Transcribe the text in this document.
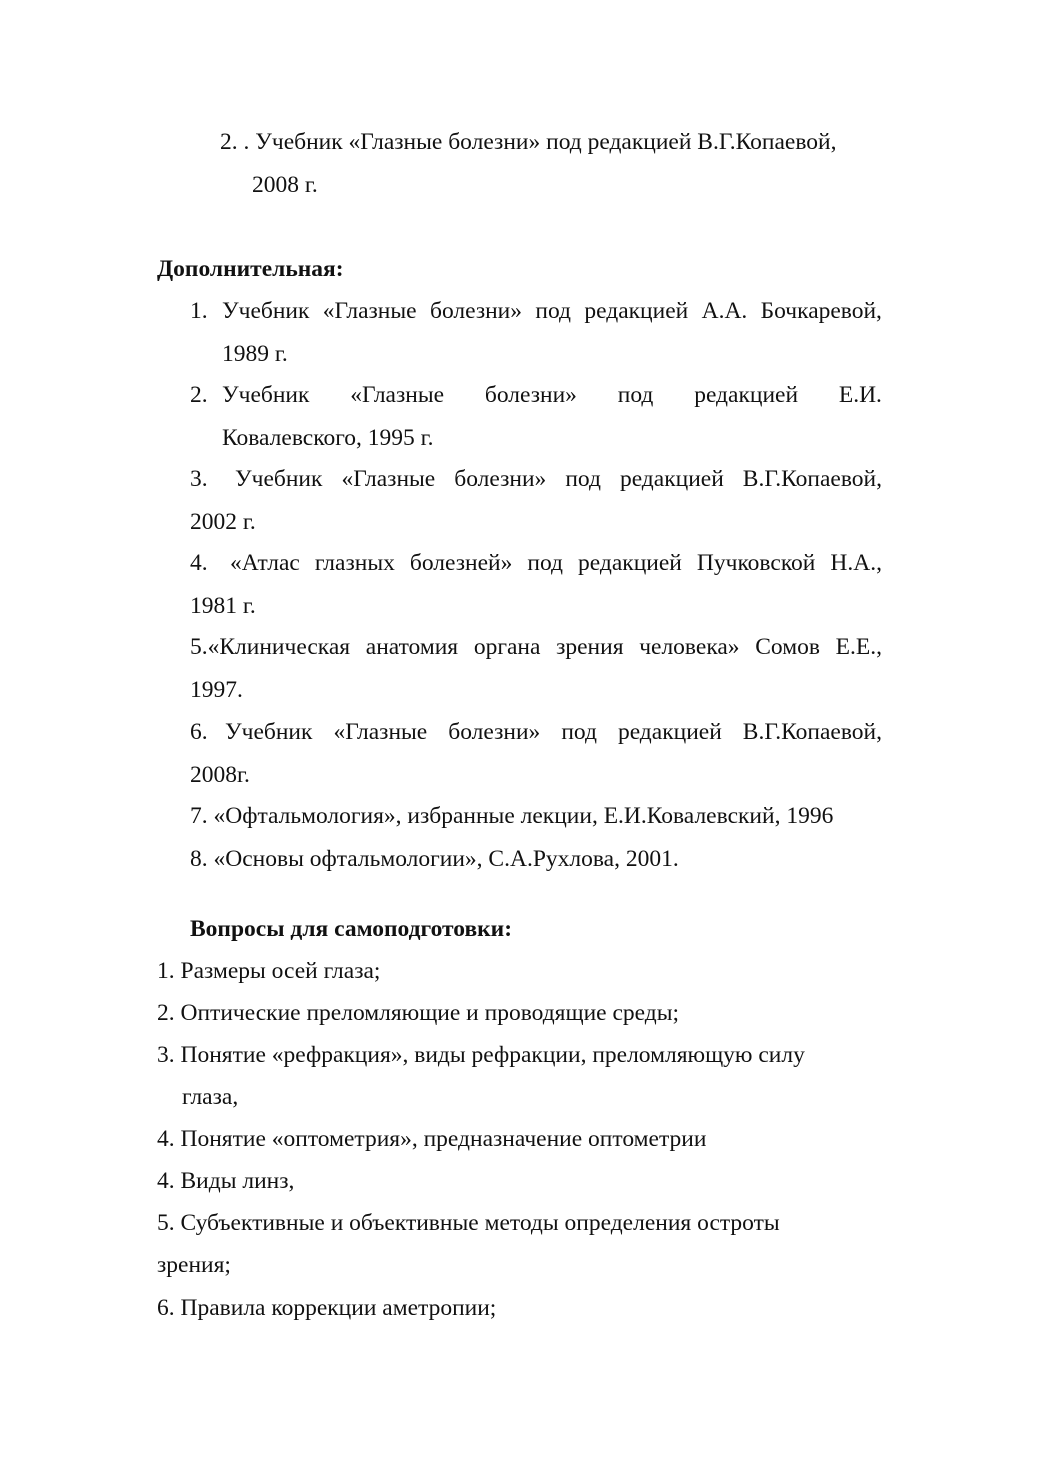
2. . Учебник «Глазные болезни» под редакцией В.Г.Копаевой,
2008 г.
Дополнительная:
1. Учебник «Глазные болезни» под редакцией А.А. Бочкаревой,
1989 г.
2. Учебник «Глазные болезни» под редакцией Е.И.
Ковалевского, 1995 г.
3. Учебник «Глазные болезни» под редакцией В.Г.Копаевой,
2002 г.
4. «Атлас глазных болезней» под редакцией Пучковской Н.А.,
1981 г.
5.«Клиническая анатомия органа зрения человека» Сомов Е.Е.,
1997.
6. Учебник «Глазные болезни» под редакцией В.Г.Копаевой,
2008г.
7. «Офтальмология», избранные лекции, Е.И.Ковалевский, 1996
8. «Основы офтальмологии», С.А.Рухлова, 2001.
Вопросы для самоподготовки:
1. Размеры осей глаза;
2. Оптические преломляющие и проводящие среды;
3. Понятие «рефракция», виды рефракции, преломляющую силу
глаза,
4. Понятие «оптометрия», предназначение оптометрии
4. Виды линз,
5. Субъективные и объективные методы определения остроты
зрения;
6. Правила коррекции аметропии;
